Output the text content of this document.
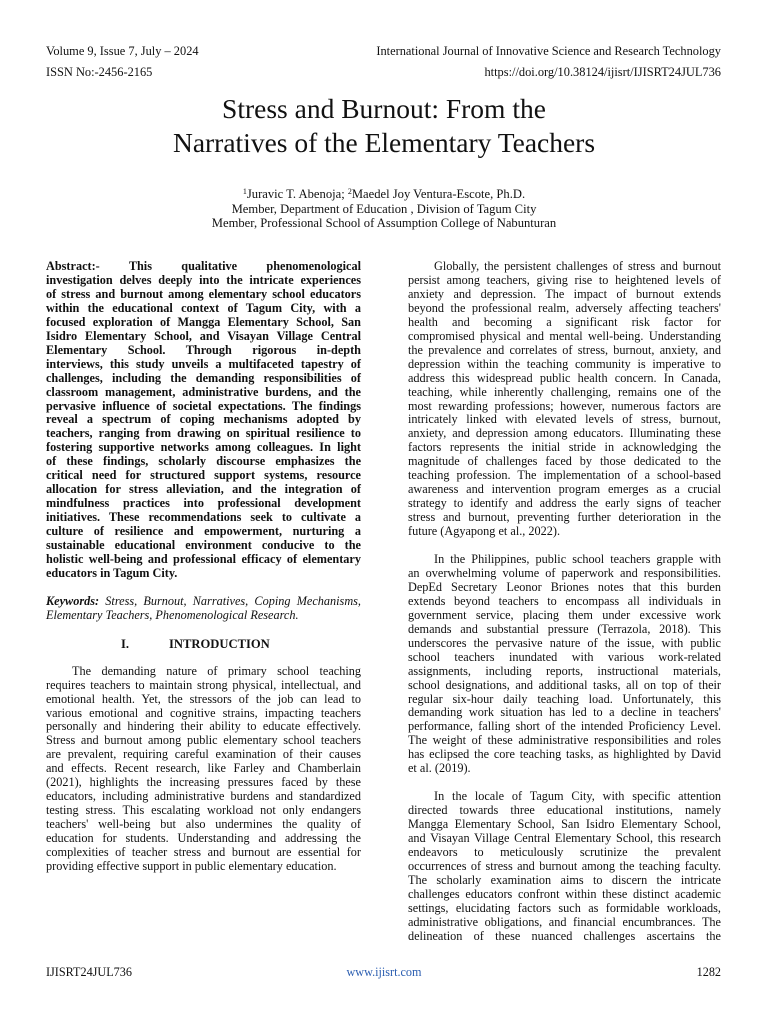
Volume 9, Issue 7, July – 2024
ISSN No:-2456-2165
International Journal of Innovative Science and Research Technology
https://doi.org/10.38124/ijisrt/IJISRT24JUL736
Stress and Burnout: From the
Narratives of the Elementary Teachers
$^1$Juravic T. Abenoja; $^2$Maedel Joy Ventura-Escote, Ph.D.
Member, Department of Education , Division of Tagum City
Member, Professional School of Assumption College of Nabunturan

Abstract:- This qualitative phenomenological

investigation delves deeply into the intricate experiences

of stress and burnout among elementary school educators

within the educational context of Tagum City, with a

focused exploration of Mangga Elementary School, San

Isidro Elementary School, and Visayan Village Central

Elementary School. Through rigorous in-depth

interviews, this study unveils a multifaceted tapestry of

challenges, including the demanding responsibilities of

classroom management, administrative burdens, and the

pervasive influence of societal expectations. The findings

reveal a spectrum of coping mechanisms adopted by

teachers, ranging from drawing on spiritual resilience to

fostering supportive networks among colleagues. In light

of these findings, scholarly discourse emphasizes the

critical need for structured support systems, resource

allocation for stress alleviation, and the integration of

mindfulness practices into professional development

initiatives. These recommendations seek to cultivate a

culture of resilience and empowerment, nurturing a

sustainable educational environment conducive to the

holistic well-being and professional efficacy of elementary

educators in Tagum City.

Keywords: Stress, Burnout, Narratives, Coping Mechanisms,

Elementary Teachers, Phenomenological Research.

I.	INTRODUCTION

The demanding nature of primary school teaching

requires teachers to maintain strong physical, intellectual, and

emotional health. Yet, the stressors of the job can lead to

various emotional and cognitive strains, impacting teachers

personally and hindering their ability to educate effectively.

Stress and burnout among public elementary school teachers

are prevalent, requiring careful examination of their causes

and effects. Recent research, like Farley and Chamberlain

(2021), highlights the increasing pressures faced by these

educators, including administrative burdens and standardized

testing stress. This escalating workload not only endangers

teachers' well-being but also undermines the quality of

education for students. Understanding and addressing the

complexities of teacher stress and burnout are essential for

providing effective support in public elementary education.

Globally, the persistent challenges of stress and burnout

persist among teachers, giving rise to heightened levels of

anxiety and depression. The impact of burnout extends

beyond the professional realm, adversely affecting teachers'

health and becoming a significant risk factor for

compromised physical and mental well-being. Understanding

the prevalence and correlates of stress, burnout, anxiety, and

depression within the teaching community is imperative to

address this widespread public health concern. In Canada,

teaching, while inherently challenging, remains one of the

most rewarding professions; however, numerous factors are

intricately linked with elevated levels of stress, burnout,

anxiety, and depression among educators. Illuminating these

factors represents the initial stride in acknowledging the

magnitude of challenges faced by those dedicated to the

teaching profession. The implementation of a school-based

awareness and intervention program emerges as a crucial

strategy to identify and address the early signs of teacher

stress and burnout, preventing further deterioration in the

future (Agyapong et al., 2022).

In the Philippines, public school teachers grapple with

an overwhelming volume of paperwork and responsibilities.

DepEd Secretary Leonor Briones notes that this burden

extends beyond teachers to encompass all individuals in

government service, placing them under excessive work

demands and substantial pressure (Terrazola, 2018). This

underscores the pervasive nature of the issue, with public

school teachers inundated with various work-related

assignments, including reports, instructional materials,

school designations, and additional tasks, all on top of their

regular six-hour daily teaching load. Unfortunately, this

demanding work situation has led to a decline in teachers'

performance, falling short of the intended Proficiency Level.

The weight of these administrative responsibilities and roles

has eclipsed the core teaching tasks, as highlighted by David

et al. (2019).

In the locale of Tagum City, with specific attention

directed towards three educational institutions, namely

Mangga Elementary School, San Isidro Elementary School,

and Visayan Village Central Elementary School, this research

endeavors to meticulously scrutinize the prevalent

occurrences of stress and burnout among the teaching faculty.

The scholarly examination aims to discern the intricate

challenges educators confront within these distinct academic

settings, elucidating factors such as formidable workloads,

administrative obligations, and financial encumbrances. The

delineation of these nuanced challenges ascertains the

IJISRT24JUL736	www.ijisrt.com	1282
